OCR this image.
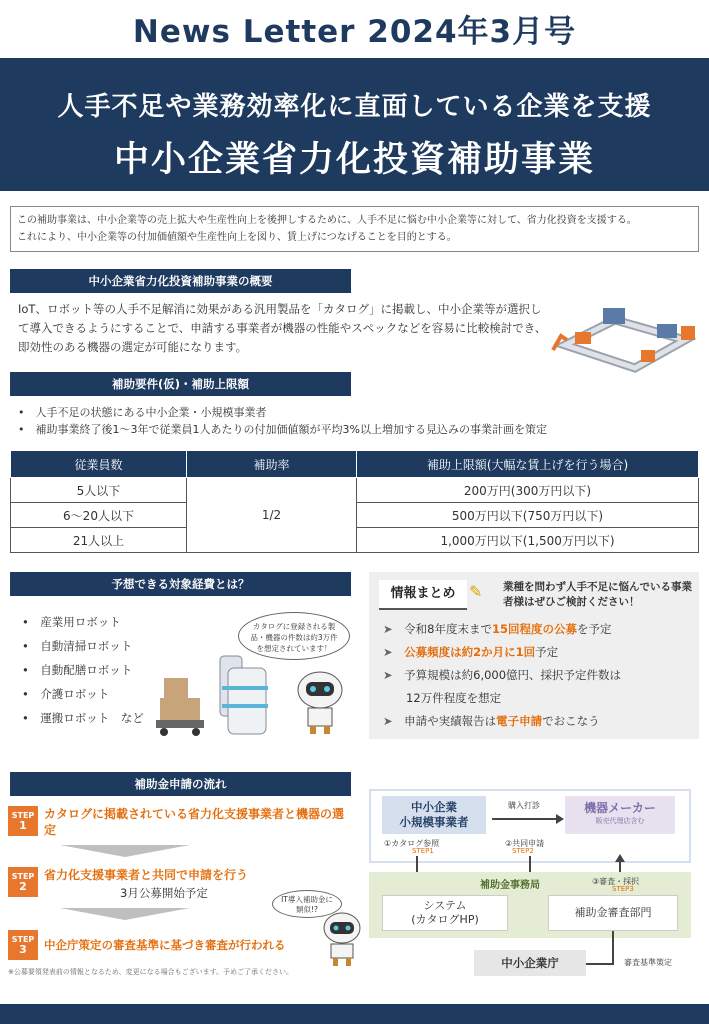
News Letter 2024年3月号
人手不足や業務効率化に直面している企業を支援
中小企業省力化投資補助事業
この補助事業は、中小企業等の売上拡大や生産性向上を後押しするために、人手不足に悩む中小企業等に対して、省力化投資を支援する。
これにより、中小企業等の付加価値額や生産性向上を図り、賃上げにつなげることを目的とする。
中小企業省力化投資補助事業の概要
IoT、ロボット等の人手不足解消に効果がある汎用製品を「カタログ」に掲載し、中小企業等が選択して導入できるようにすることで、申請する事業者が機器の性能やスペックなどを容易に比較検討でき、即効性のある機器の選定が可能になります。
補助要件(仮)・補助上限額
•　人手不足の状態にある中小企業・小規模事業者
•　補助事業終了後1～3年で従業員1人あたりの付加価値額が平均3%以上増加する見込みの事業計画を策定
従業員数	補助率	補助上限額(大幅な賃上げを行う場合)
5人以下	1/2	200万円(300万円以下)
6～20人以下		500万円以下(750万円以下)
21人以上		1,000万円以下(1,500万円以下)
予想できる対象経費とは？
•　産業用ロボット
•　自動清掃ロボット
•　自動配膳ロボット
•　介護ロボット
•　運搬ロボット　など
カタログに登録される製品・機器の件数は約3万件を想定されています！
情報まとめ ✎ 業種を問わず人手不足に悩んでいる事業者様はぜひご検討ください！
➤　 令和8年度末まで15回程度の公募を予定
➤　 公募頻度は約2か月に1回予定
➤　 予算規模は約6,000億円、採択予定件数は
　　12万件程度を想定
➤　 申請や実績報告は電子申請でおこなう
補助金申請の流れ
STEP
1
カタログに掲載されている省力化支援事業者と機器の選定
STEP
2
省力化支援事業者と共同で申請を行う
3月公募開始予定
STEP
3	中企庁策定の審査基準に基づき審査が行われる
IT導入補助金に類似!?
※公募要領発表前の情報となるため、変更になる場合もございます。予めご了承ください。
中小企業
小規模事業者
機器メーカー
販売代理店含む
購入打診
①カタログ参照
STEP1
②共同申請
STEP2
補助金事務局	③審査・採択
STEP3
システム
(カタログHP)
補助金審査部門
中小企業庁	審査基準策定
